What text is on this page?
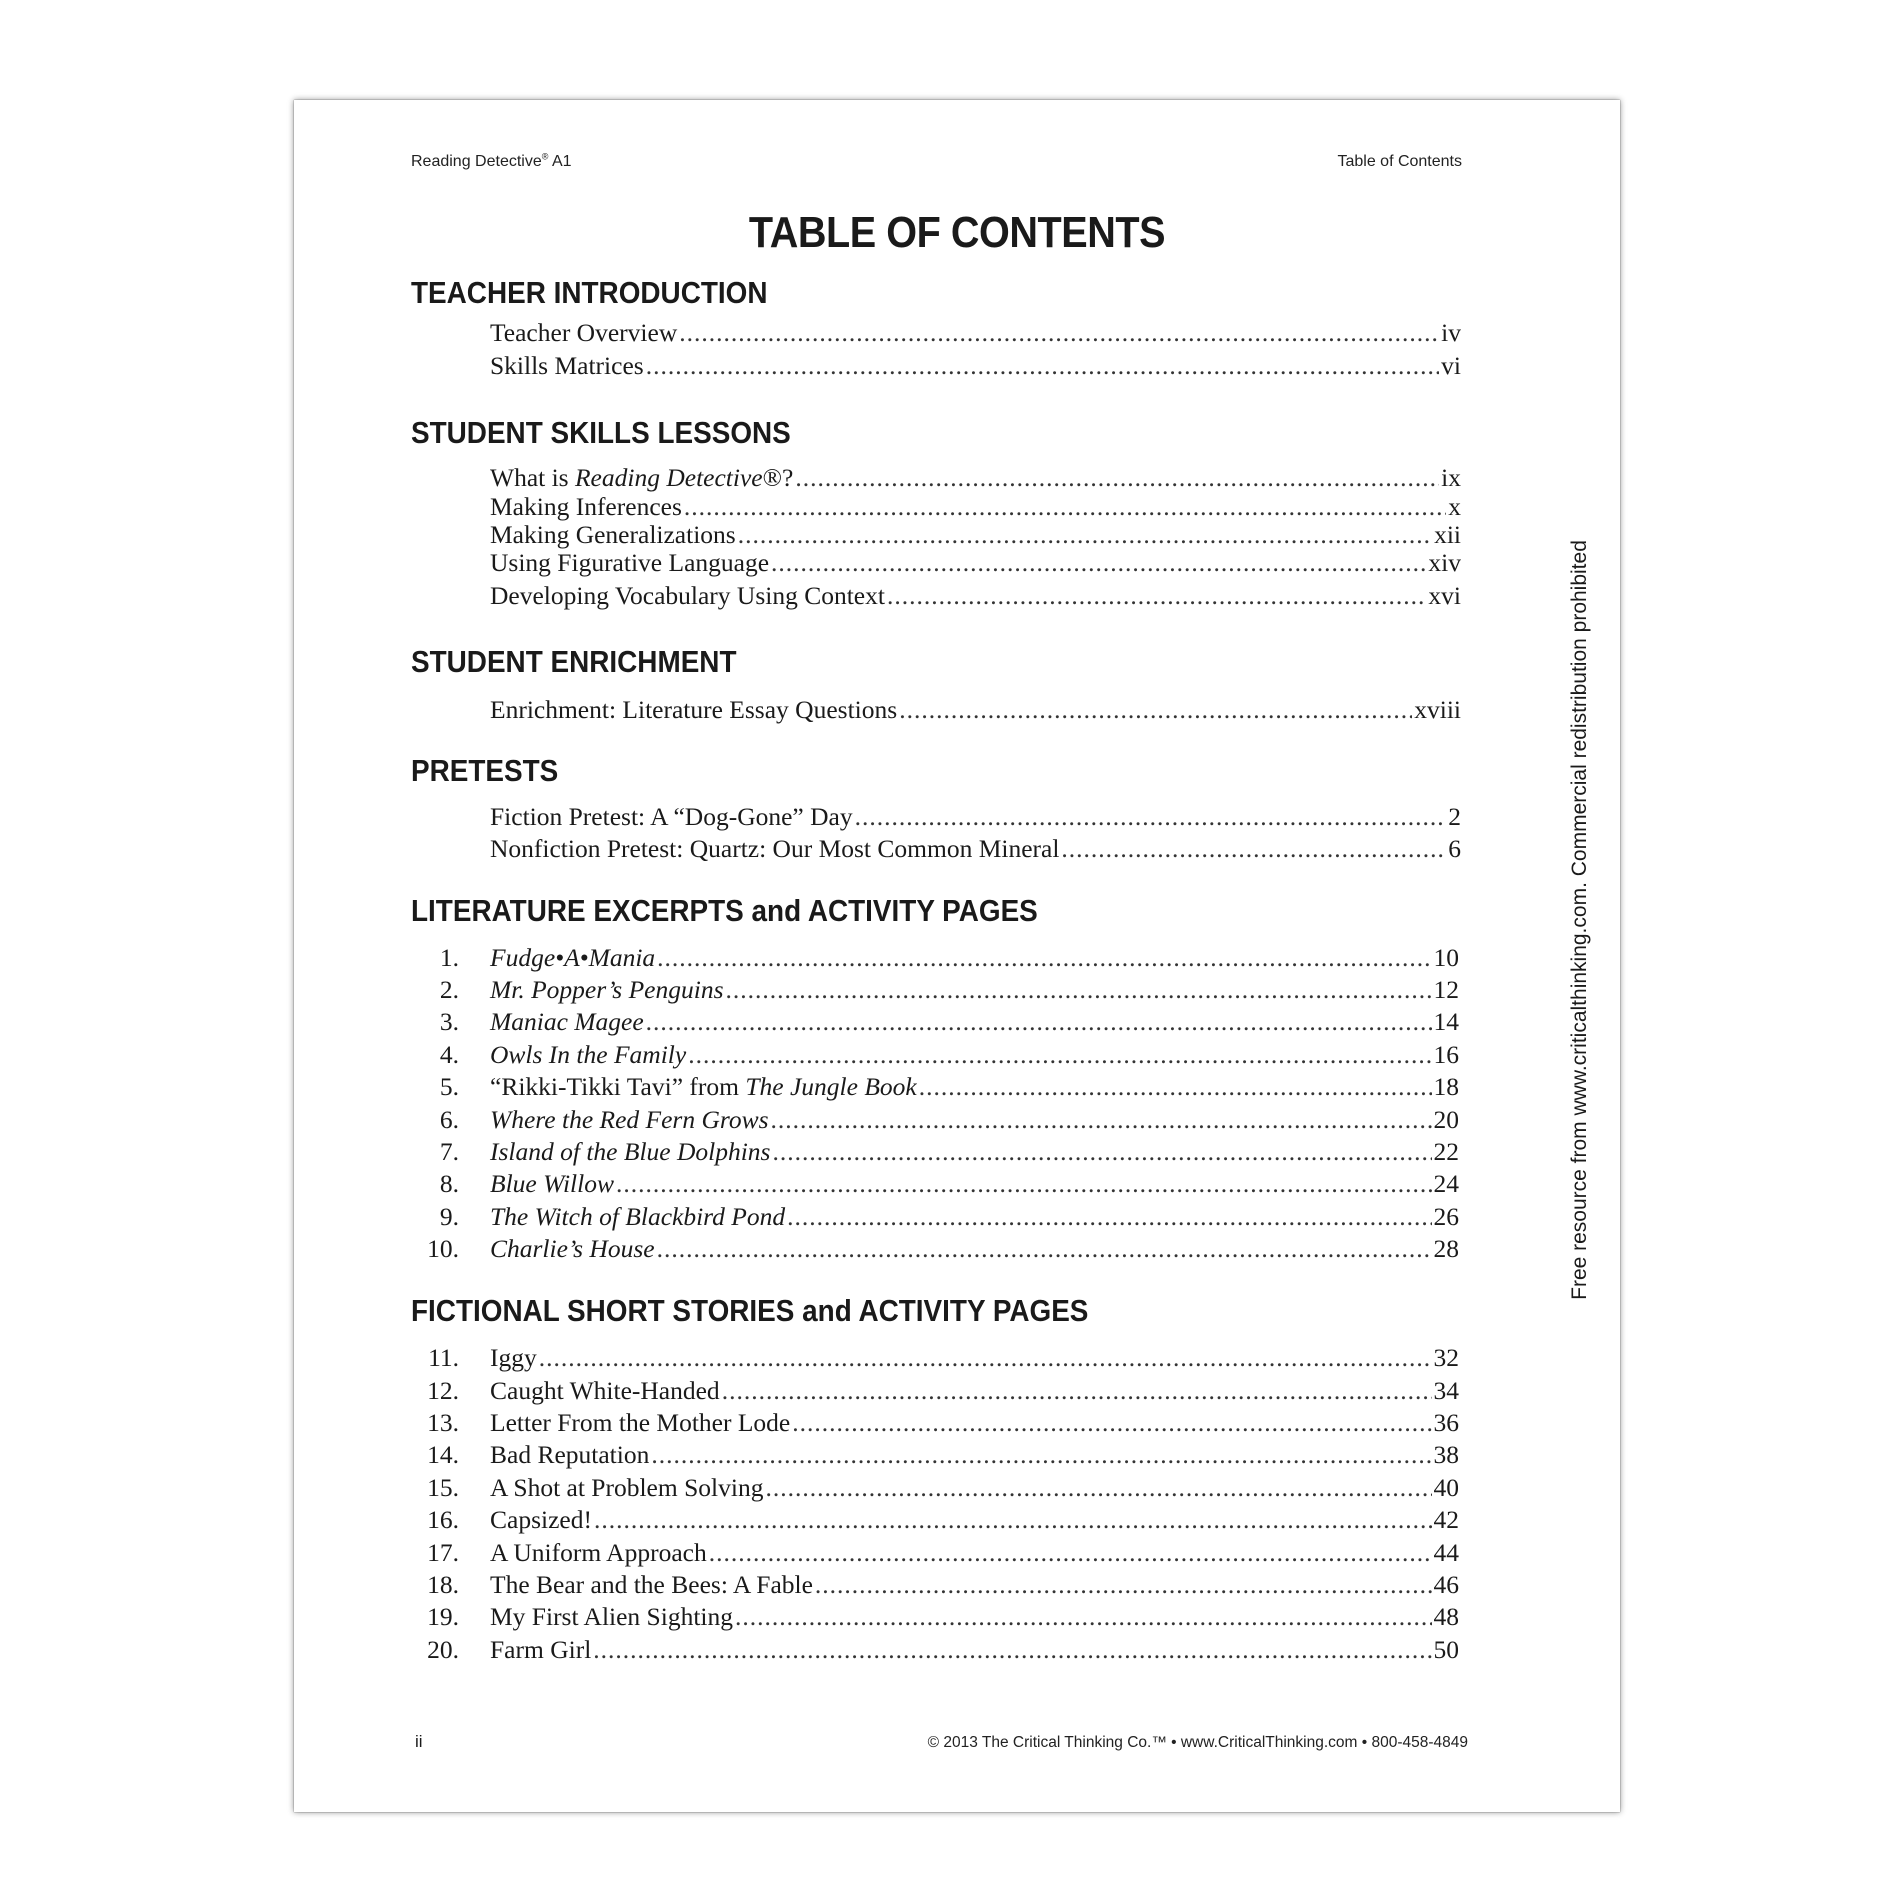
Reading Detective® A1	Table of Contents
TABLE OF CONTENTS
TEACHER INTRODUCTION
Teacher Overview .....	iv
Skills Matrices .....	vi
STUDENT SKILLS LESSONS
What is Reading Detective®? .....	ix
Making Inferences .....	x
Making Generalizations .....	xii
Using Figurative Language .....	xiv
Developing Vocabulary Using Context .....	xvi
STUDENT ENRICHMENT
Enrichment: Literature Essay Questions .....	xviii
PRETESTS
Fiction Pretest: A “Dog-Gone” Day .....	2
Nonfiction Pretest: Quartz: Our Most Common Mineral .....	6
LITERATURE EXCERPTS and ACTIVITY PAGES
1. Fudge•A•Mania .....	10
2. Mr. Popper’s Penguins .....	12
3. Maniac Magee .....	14
4. Owls In the Family .....	16
5. “Rikki-Tikki Tavi” from The Jungle Book .....	18
6. Where the Red Fern Grows .....	20
7. Island of the Blue Dolphins .....	22
8. Blue Willow .....	24
9. The Witch of Blackbird Pond .....	26
10. Charlie’s House .....	28
FICTIONAL SHORT STORIES and ACTIVITY PAGES
11. Iggy .....	32
12. Caught White-Handed .....	34
13. Letter From the Mother Lode .....	36
14. Bad Reputation .....	38
15. A Shot at Problem Solving .....	40
16. Capsized! .....	42
17. A Uniform Approach .....	44
18. The Bear and the Bees: A Fable .....	46
19. My First Alien Sighting .....	48
20. Farm Girl .....	50
ii	© 2013 The Critical Thinking Co.™ • www.CriticalThinking.com • 800-458-4849
Free resource from www.criticalthinking.com. Commercial redistribution prohibited
